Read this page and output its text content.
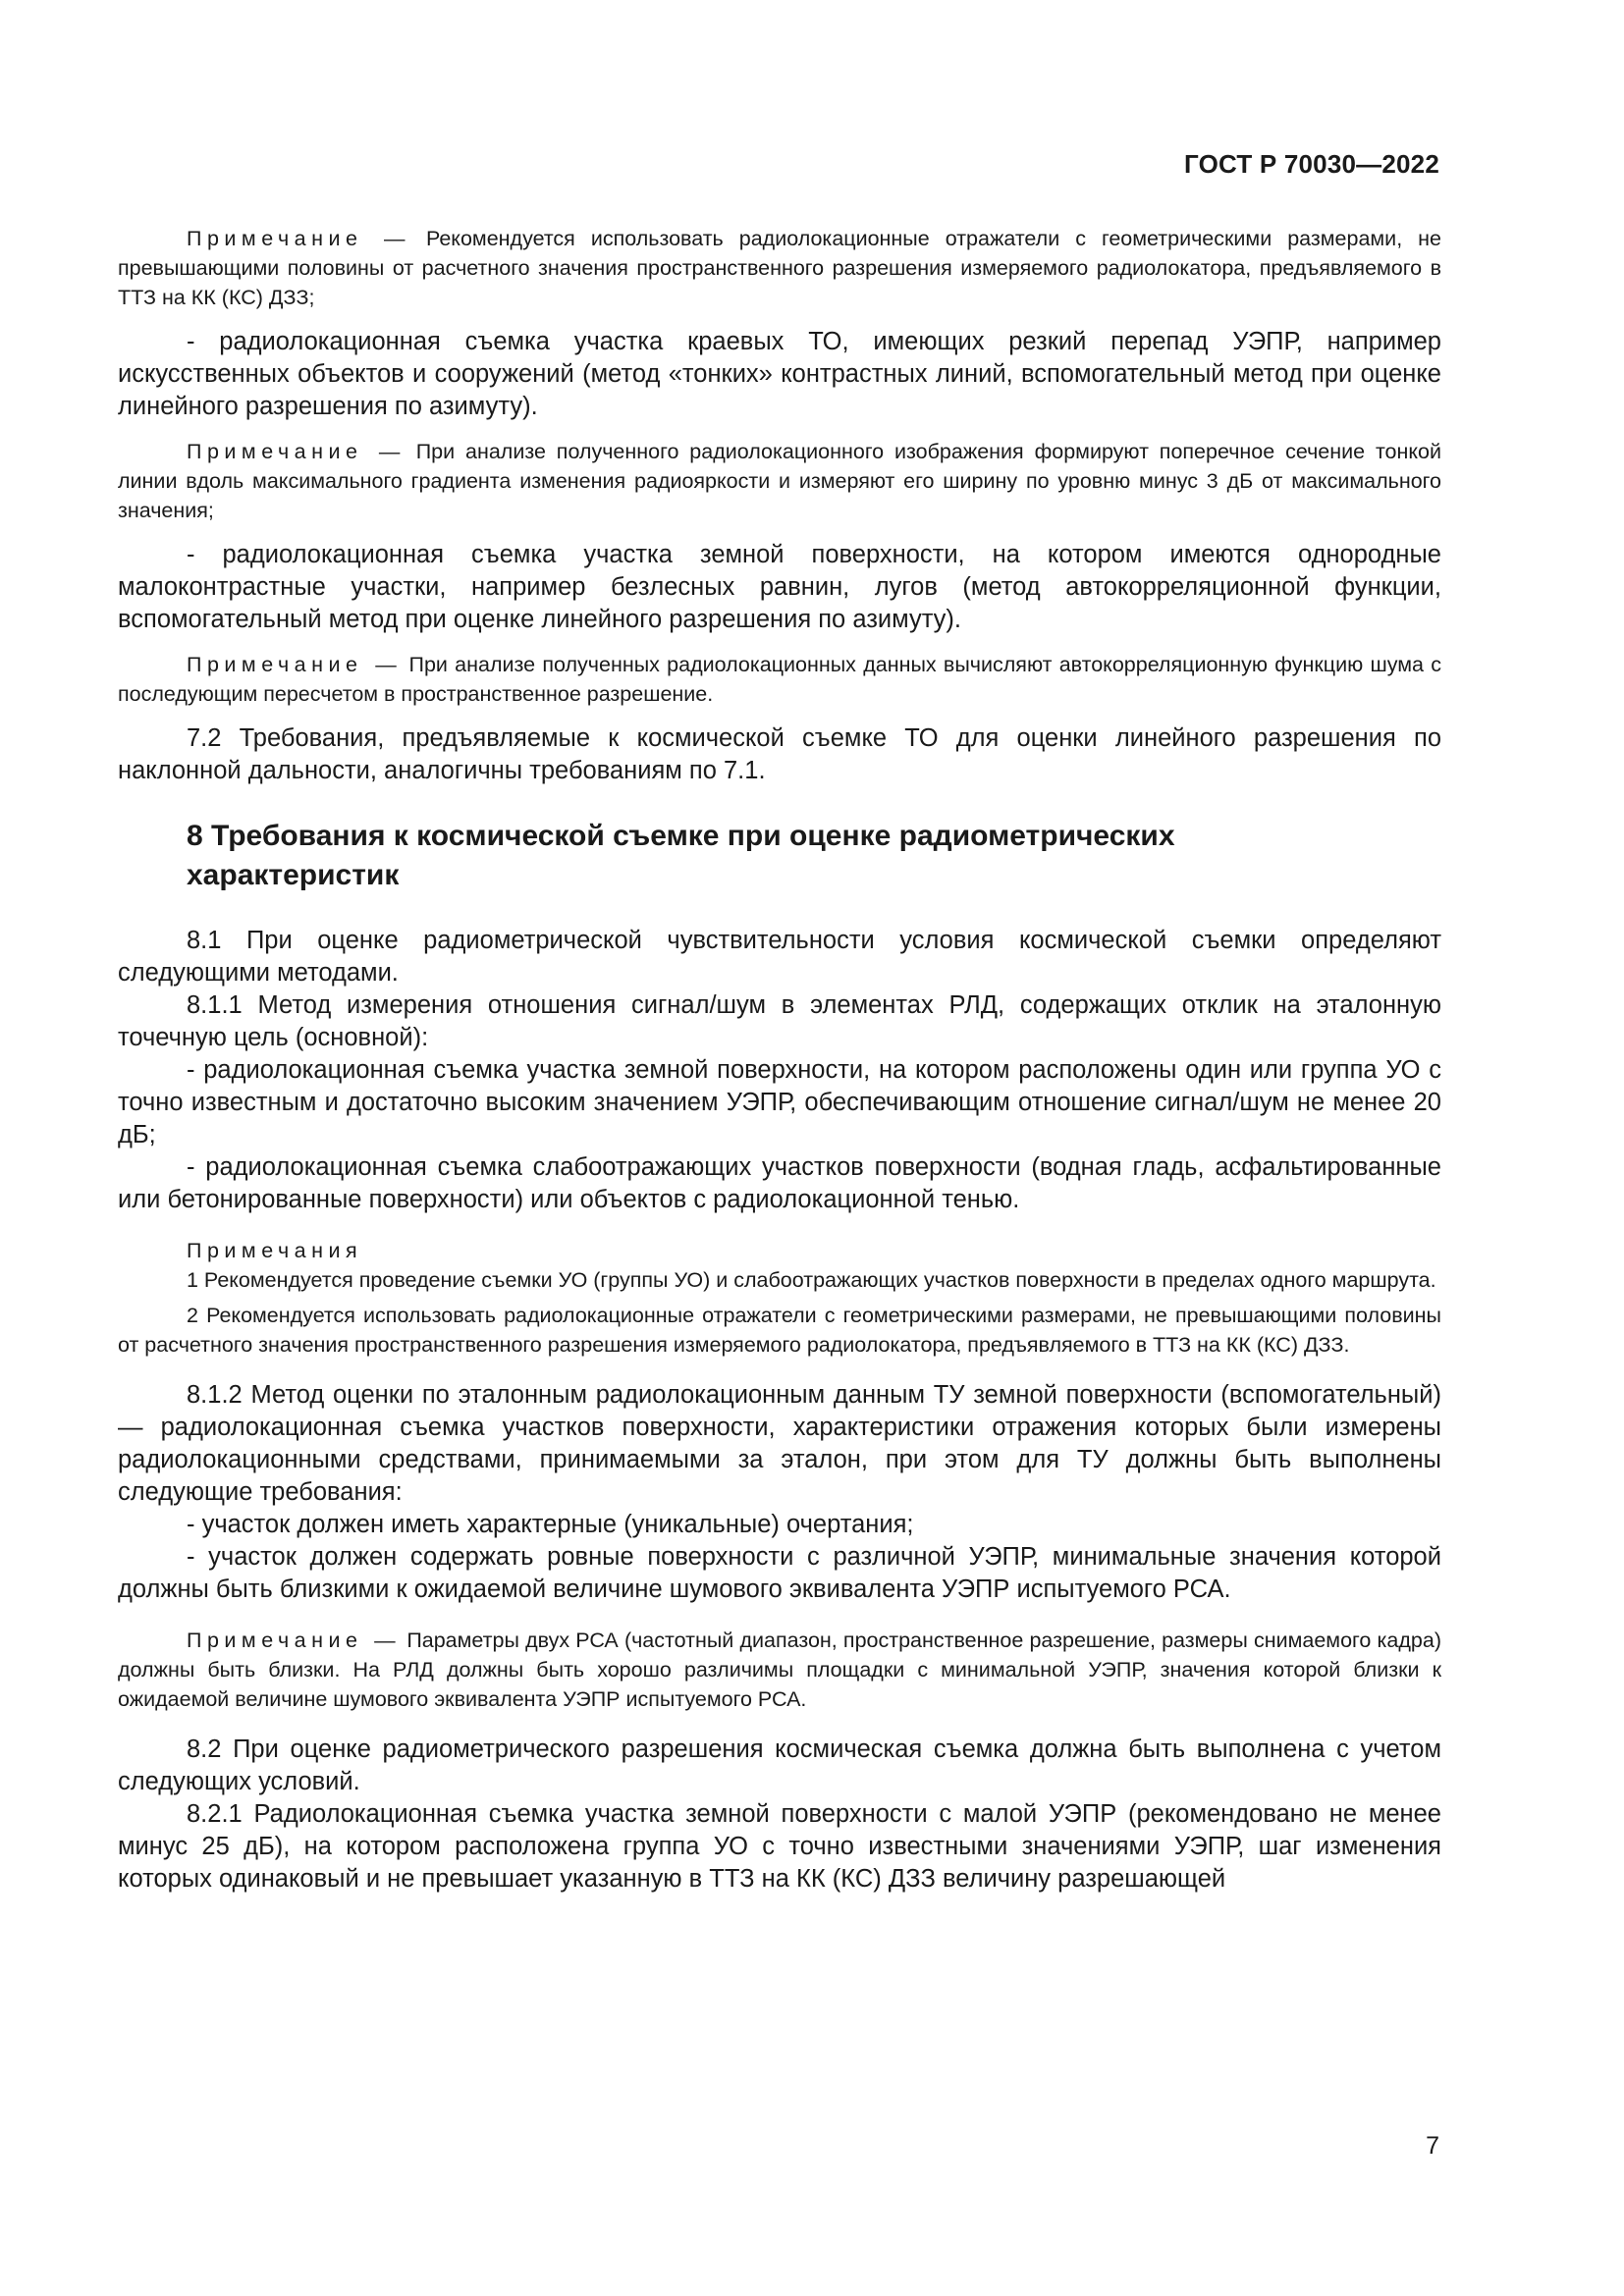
ГОСТ Р 70030—2022

Примечание — Рекомендуется использовать радиолокационные отражатели с геометрическими размерами, не превышающими половины от расчетного значения пространственного разрешения измеряемого радиолокатора, предъявляемого в ТТЗ на КК (КС) ДЗЗ;

- радиолокационная съемка участка краевых ТО, имеющих резкий перепад УЭПР, например искусственных объектов и сооружений (метод «тонких» контрастных линий, вспомогательный метод при оценке линейного разрешения по азимуту).

Примечание — При анализе полученного радиолокационного изображения формируют поперечное сечение тонкой линии вдоль максимального градиента изменения радиояркости и измеряют его ширину по уровню минус 3 дБ от максимального значения;

- радиолокационная съемка участка земной поверхности, на котором имеются однородные малоконтрастные участки, например безлесных равнин, лугов (метод автокорреляционной функции, вспомогательный метод при оценке линейного разрешения по азимуту).

Примечание — При анализе полученных радиолокационных данных вычисляют автокорреляционную функцию шума с последующим пересчетом в пространственное разрешение.

7.2 Требования, предъявляемые к космической съемке ТО для оценки линейного разрешения по наклонной дальности, аналогичны требованиям по 7.1.

8 Требования к космической съемке при оценке радиометрических характеристик

8.1 При оценке радиометрической чувствительности условия космической съемки определяют следующими методами.

8.1.1 Метод измерения отношения сигнал/шум в элементах РЛД, содержащих отклик на эталонную точечную цель (основной):

- радиолокационная съемка участка земной поверхности, на котором расположены один или группа УО с точно известным и достаточно высоким значением УЭПР, обеспечивающим отношение сигнал/шум не менее 20 дБ;

- радиолокационная съемка слабоотражающих участков поверхности (водная гладь, асфальтированные или бетонированные поверхности) или объектов с радиолокационной тенью.

Примечания

1 Рекомендуется проведение съемки УО (группы УО) и слабоотражающих участков поверхности в пределах одного маршрута.

2 Рекомендуется использовать радиолокационные отражатели с геометрическими размерами, не превышающими половины от расчетного значения пространственного разрешения измеряемого радиолокатора, предъявляемого в ТТЗ на КК (КС) ДЗЗ.

8.1.2 Метод оценки по эталонным радиолокационным данным ТУ земной поверхности (вспомогательный) — радиолокационная съемка участков поверхности, характеристики отражения которых были измерены радиолокационными средствами, принимаемыми за эталон, при этом для ТУ должны быть выполнены следующие требования:

- участок должен иметь характерные (уникальные) очертания;

- участок должен содержать ровные поверхности с различной УЭПР, минимальные значения которой должны быть близкими к ожидаемой величине шумового эквивалента УЭПР испытуемого РСА.

Примечание — Параметры двух РСА (частотный диапазон, пространственное разрешение, размеры снимаемого кадра) должны быть близки. На РЛД должны быть хорошо различимы площадки с минимальной УЭПР, значения которой близки к ожидаемой величине шумового эквивалента УЭПР испытуемого РСА.

8.2 При оценке радиометрического разрешения космическая съемка должна быть выполнена с учетом следующих условий.

8.2.1 Радиолокационная съемка участка земной поверхности с малой УЭПР (рекомендовано не менее минус 25 дБ), на котором расположена группа УО с точно известными значениями УЭПР, шаг изменения которых одинаковый и не превышает указанную в ТТЗ на КК (КС) ДЗЗ величину разрешающей

7
